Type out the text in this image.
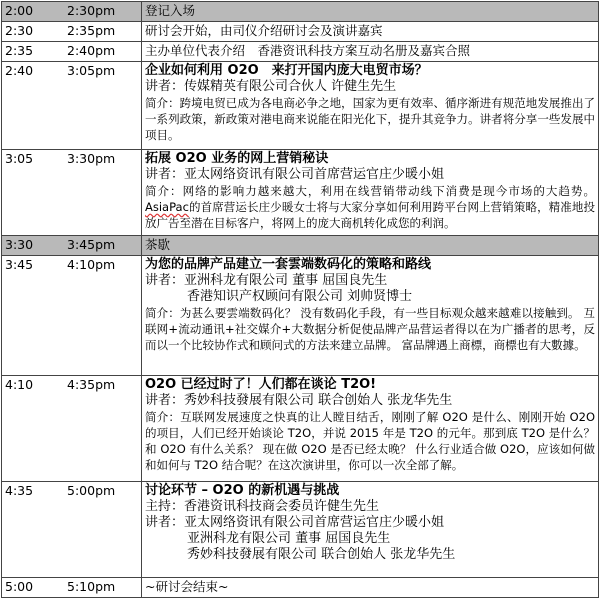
2:00 2:30pm	登记入场

2:30 2:35pm	研讨会开始，由司仪介绍研讨会及演讲嘉宾

2:35 2:40pm	主办单位代表介绍　香港资讯科技方案互动名册及嘉宾合照

2:40 3:05pm	企业如何利用 O2O　来打开国内庞大电贸市场？
讲者：传媒精英有限公司合伙人 许健生先生
简介：跨境电贸已成为各电商必争之地，国家为更有效率、循序渐进有规范地发展推出了一系列政策，新政策对港电商来说能在阳光化下，提升其竞争力。讲者将分享一些发展中项目。

3:05 3:30pm	拓展 O2O 业务的网上营销秘诀
讲者：亚太网络资讯有限公司首席营运官庄少暖小姐
简介：网络的影响力越来越大，利用在线营销带动线下消费是现今市场的大趋势。AsiaPac的首席营运长庄少暖女士将与大家分享如何利用跨平台网上营销策略，精准地投放广告至潜在目标客户，将网上的庞大商机转化成您的利润。

3:30 3:45pm	茶歇

3:45 4:10pm	为您的品牌产品建立一套雲端数码化的策略和路线
讲者：亚洲科龙有限公司 董事 屈国良先生
香港知识产权顾问有限公司 刘帅贤博士
简介：为甚么要雲端数码化？ 没有数码化手段，有一些目标观众越来越难以接触到。 互联网+流动通讯+社交媒介+大数据分析促使品牌产品营运者得以在为广播者的思考，反而以一个比较协作式和顾问式的方法来建立品牌。 富品牌遇上商標，商標也有大數據。

4:10 4:35pm	O2O 已经过时了！人们都在谈论 T2O!
讲者：秀妙科技發展有限公司 联合创始人 张龙华先生
简介：互联网发展速度之快真的让人瞠目结舌，刚刚了解 O2O 是什么、刚刚开始 O2O 的项目，人们已经开始谈论 T2O，并说 2015 年是 T2O 的元年。那到底 T2O 是什么？和 O2O 有什么关系？ 现在做 O2O 是否已经太晚？ 什么行业适合做 O2O，应该如何做和如何与 T2O 结合呢？在这次演讲里，你可以一次全部了解。

4:35 5:00pm	讨论环节 – O2O 的新机遇与挑战
主持：香港资讯科技商会委员许健生先生
讲者：亚太网络资讯有限公司首席营运官庄少暖小姐
亚洲科龙有限公司 董事 屈国良先生
秀妙科技發展有限公司 联合创始人 张龙华先生

5:00 5:10pm	~研讨会结束~
